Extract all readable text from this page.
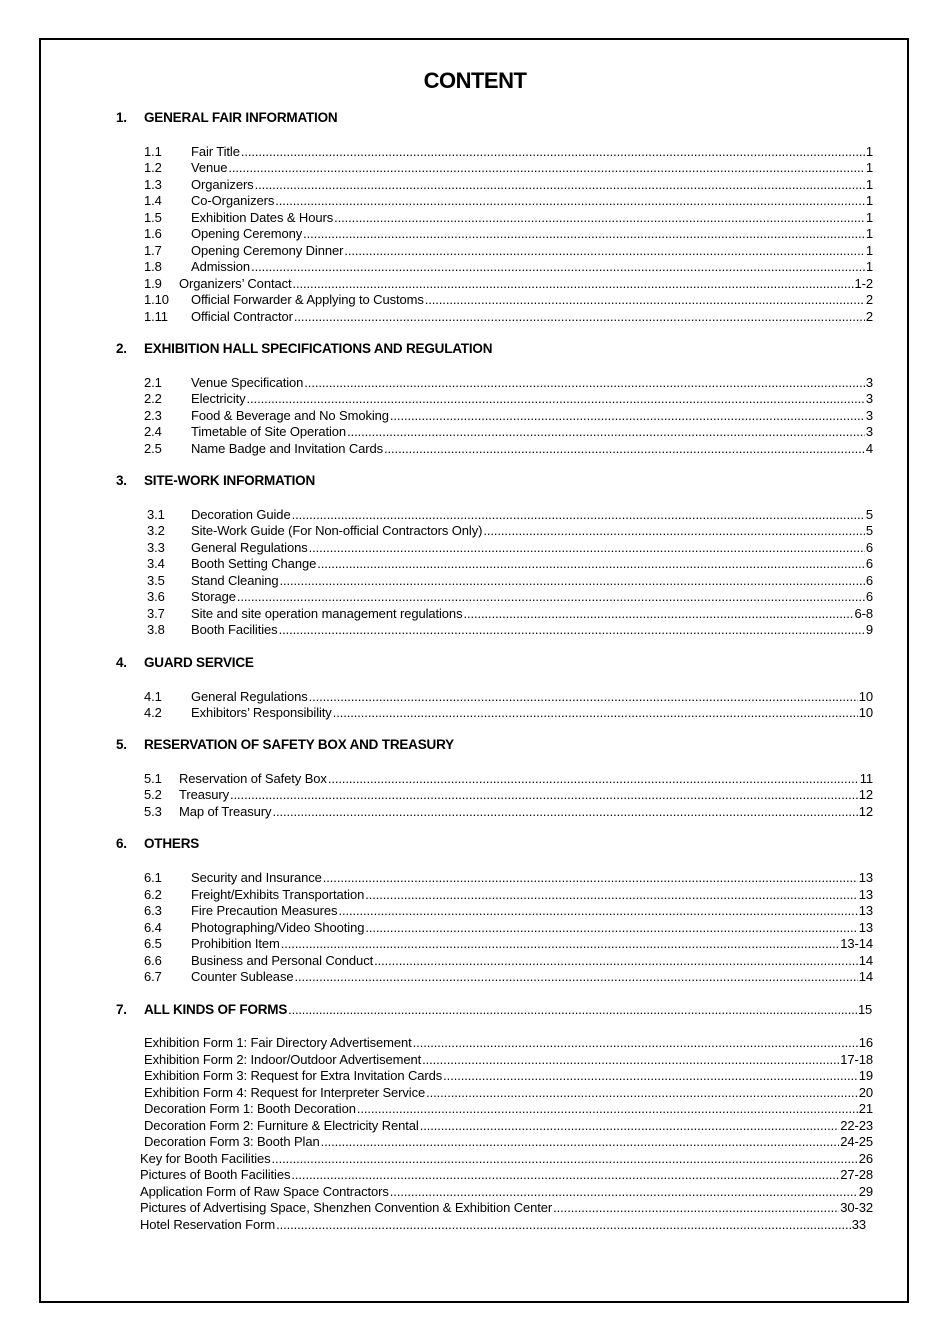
CONTENT
1. GENERAL FAIR INFORMATION
2. EXHIBITION HALL SPECIFICATIONS AND REGULATION
3. SITE-WORK INFORMATION
4. GUARD SERVICE
5. RESERVATION OF SAFETY BOX AND TREASURY
6. OTHERS
7.	ALL KINDS OF FORMS .....	15
1.1	Fair Title .....	1
1.2	Venue .....	1
1.3	Organizers .....	1
1.4	Co-Organizers .....	1
1.5	Exhibition Dates & Hours .....	1
1.6	Opening Ceremony .....	1
1.7	Opening Ceremony Dinner .....	1
1.8	Admission .....	1
1.9	Organizers’ Contact .....	1-2
1.10	Official Forwarder & Applying to Customs .....	2
1.11	Official Contractor .....	2
2.1	Venue Specification .....	3
2.2	Electricity .....	3
2.3	Food & Beverage and No Smoking .....	3
2.4	Timetable of Site Operation .....	3
2.5	Name Badge and Invitation Cards .....	4
3.1	Decoration Guide .....	5
3.2	Site-Work Guide (For Non-official Contractors Only) .....	5
3.3	General Regulations .....	6
3.4	Booth Setting Change .....	6
3.5	Stand Cleaning .....	6
3.6	Storage .....	6
3.7	Site and site operation management regulations .....	6-8
3.8	Booth Facilities .....	9
4.1	General Regulations .....	10
4.2	Exhibitors’ Responsibility .....	10
5.1	Reservation of Safety Box .....	11
5.2	Treasury .....	12
5.3	Map of Treasury .....	12
6.1	Security and Insurance .....	13
6.2	Freight/Exhibits Transportation .....	13
6.3	Fire Precaution Measures .....	13
6.4	Photographing/Video Shooting .....	13
6.5	Prohibition Item .....	13-14
6.6	Business and Personal Conduct .....	14
6.7	Counter Sublease .....	14
Exhibition Form 1: Fair Directory Advertisement .....	16
Exhibition Form 2: Indoor/Outdoor Advertisement .....	17-18
Exhibition Form 3: Request for Extra Invitation Cards .....	19
Exhibition Form 4: Request for Interpreter Service .....	20
Decoration Form 1: Booth Decoration .....	21
Decoration Form 2: Furniture & Electricity Rental .....	22-23
Decoration Form 3: Booth Plan .....	24-25
Key for Booth Facilities .....	26
Pictures of Booth Facilities .....	27-28
Application Form of Raw Space Contractors .....	29
Pictures of Advertising Space, Shenzhen Convention & Exhibition Center .....	30-32
Hotel Reservation Form .....	33
